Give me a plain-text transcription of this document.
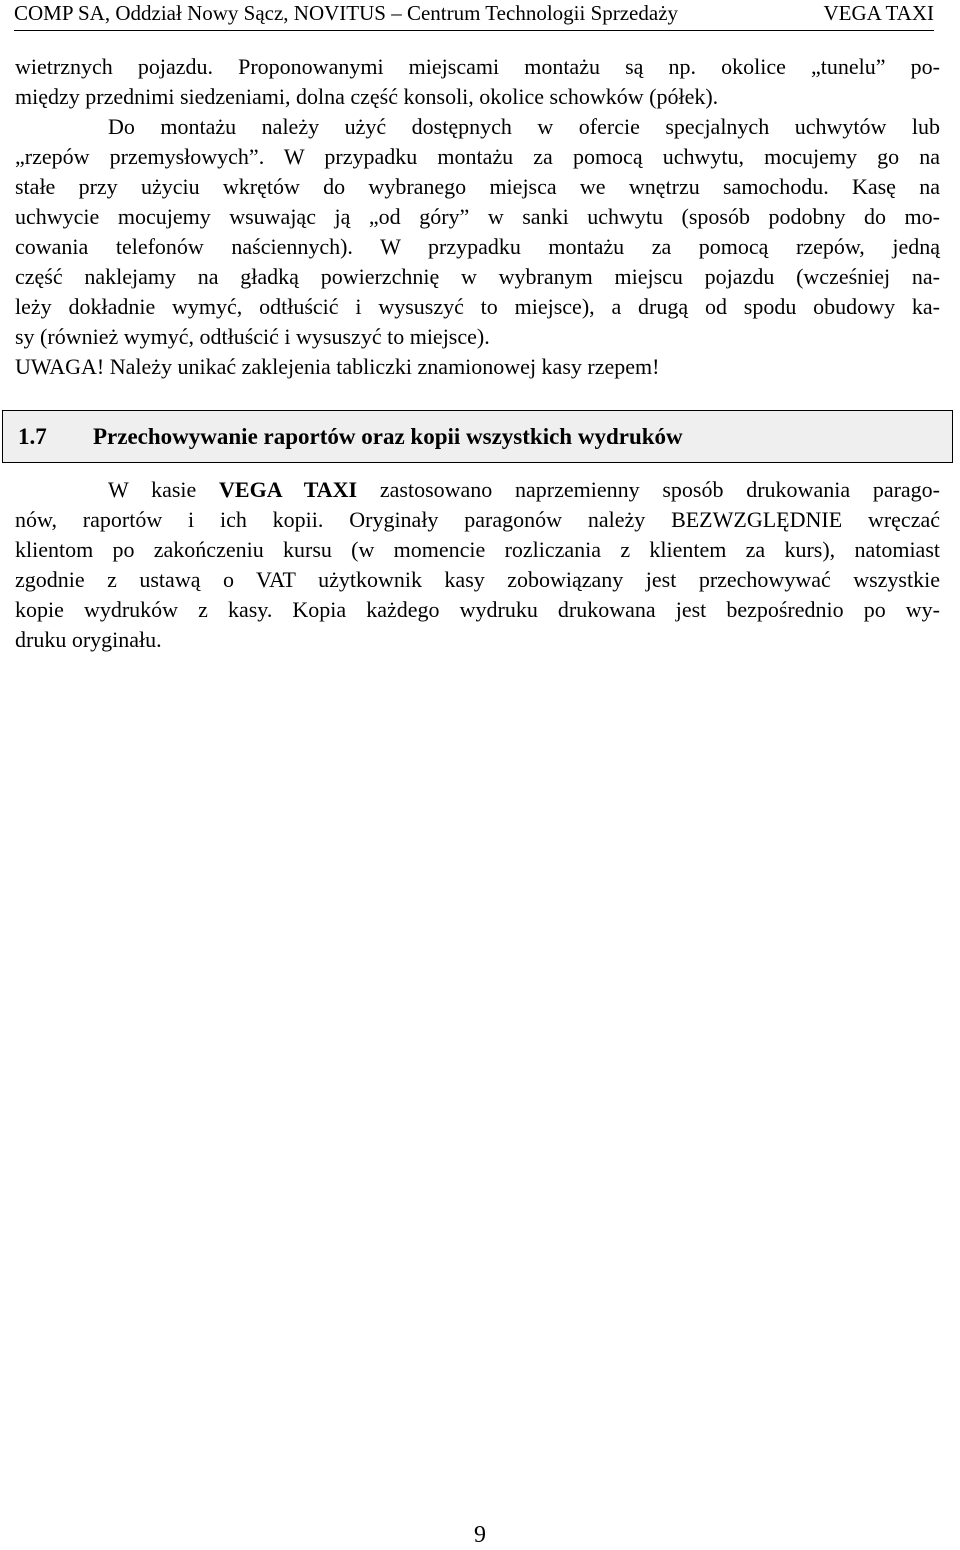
COMP SA, Oddział Nowy Sącz, NOVITUS – Centrum Technologii Sprzedaży	VEGA TAXI
wietrznych pojazdu. Proponowanymi miejscami montażu są np. okolice „tunelu” po-
między przednimi siedzeniami, dolna część konsoli, okolice schowków (półek).
Do montażu należy użyć dostępnych w ofercie specjalnych uchwytów lub
„rzepów przemysłowych”. W przypadku montażu za pomocą uchwytu, mocujemy go na
stałe przy użyciu wkrętów do wybranego miejsca we wnętrzu samochodu. Kasę na
uchwycie mocujemy wsuwając ją „od góry” w sanki uchwytu (sposób podobny do mo-
cowania telefonów naściennych). W przypadku montażu za pomocą rzepów, jedną
część naklejamy na gładką powierzchnię w wybranym miejscu pojazdu (wcześniej na-
leży dokładnie wymyć, odtłuścić i wysuszyć to miejsce), a drugą od spodu obudowy ka-
sy (również wymyć, odtłuścić i wysuszyć to miejsce).
UWAGA! Należy unikać zaklejenia tabliczki znamionowej kasy rzepem!
1.7 Przechowywanie raportów oraz kopii wszystkich wydruków
W kasie VEGA TAXI zastosowano naprzemienny sposób drukowania parago-
nów, raportów i ich kopii. Oryginały paragonów należy BEZWZGLĘDNIE wręczać
klientom po zakończeniu kursu (w momencie rozliczania z klientem za kurs), natomiast
zgodnie z ustawą o VAT użytkownik kasy zobowiązany jest przechowywać wszystkie
kopie wydruków z kasy. Kopia każdego wydruku drukowana jest bezpośrednio po wy-
druku oryginału.
9
